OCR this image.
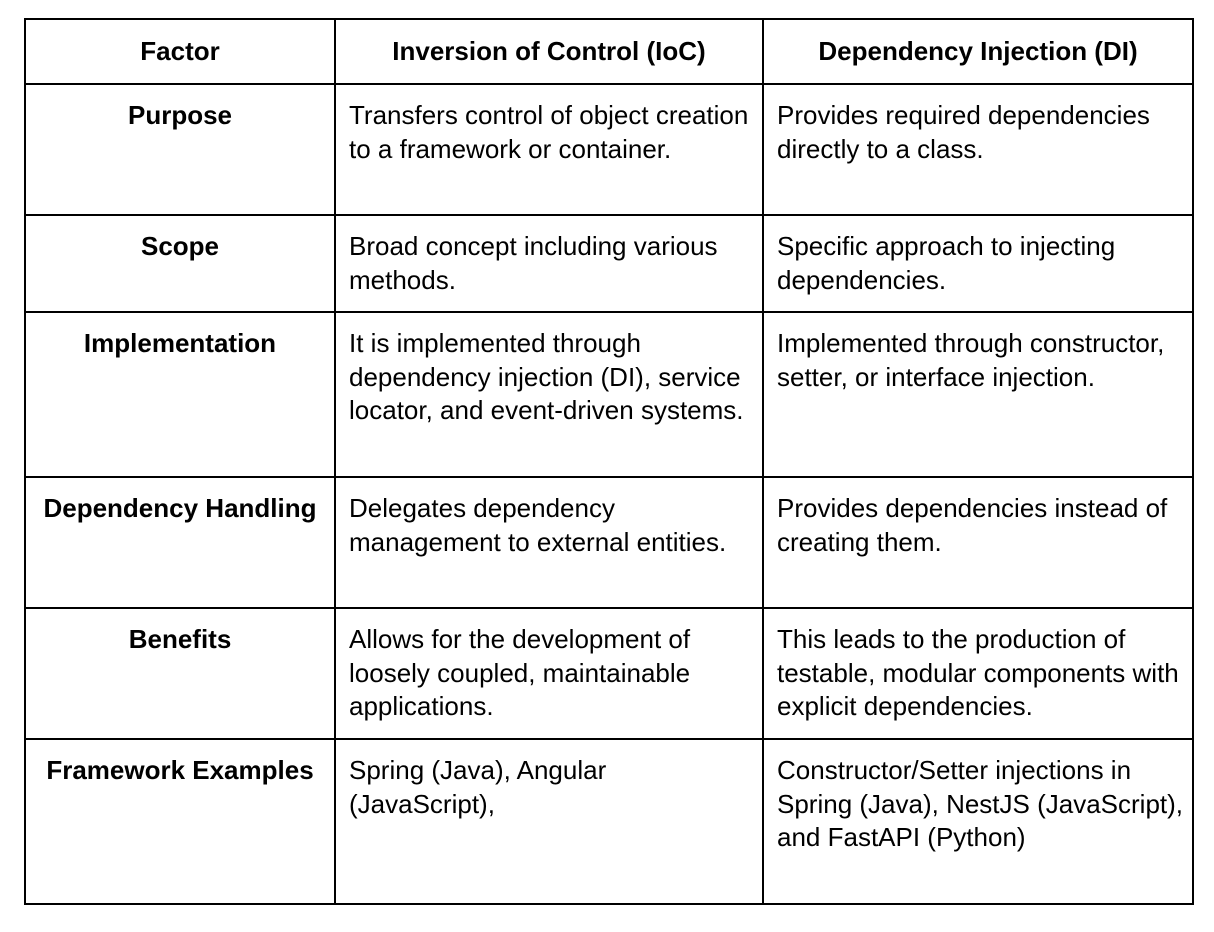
Factor	Inversion of Control (IoC)	Dependency Injection (DI)
Purpose	Transfers control of object creation to a framework or container.	Provides required dependencies directly to a class.
Scope	Broad concept including various methods.	Specific approach to injecting dependencies.
Implementation	It is implemented through dependency injection (DI), service locator, and event-driven systems.	Implemented through constructor, setter, or interface injection.
Dependency Handling	Delegates dependency management to external entities.	Provides dependencies instead of creating them.
Benefits	Allows for the development of loosely coupled, maintainable applications.	This leads to the production of testable, modular components with explicit dependencies.
Framework Examples	Spring (Java), Angular (JavaScript),	Constructor/Setter injections in Spring (Java), NestJS (JavaScript), and FastAPI (Python)
